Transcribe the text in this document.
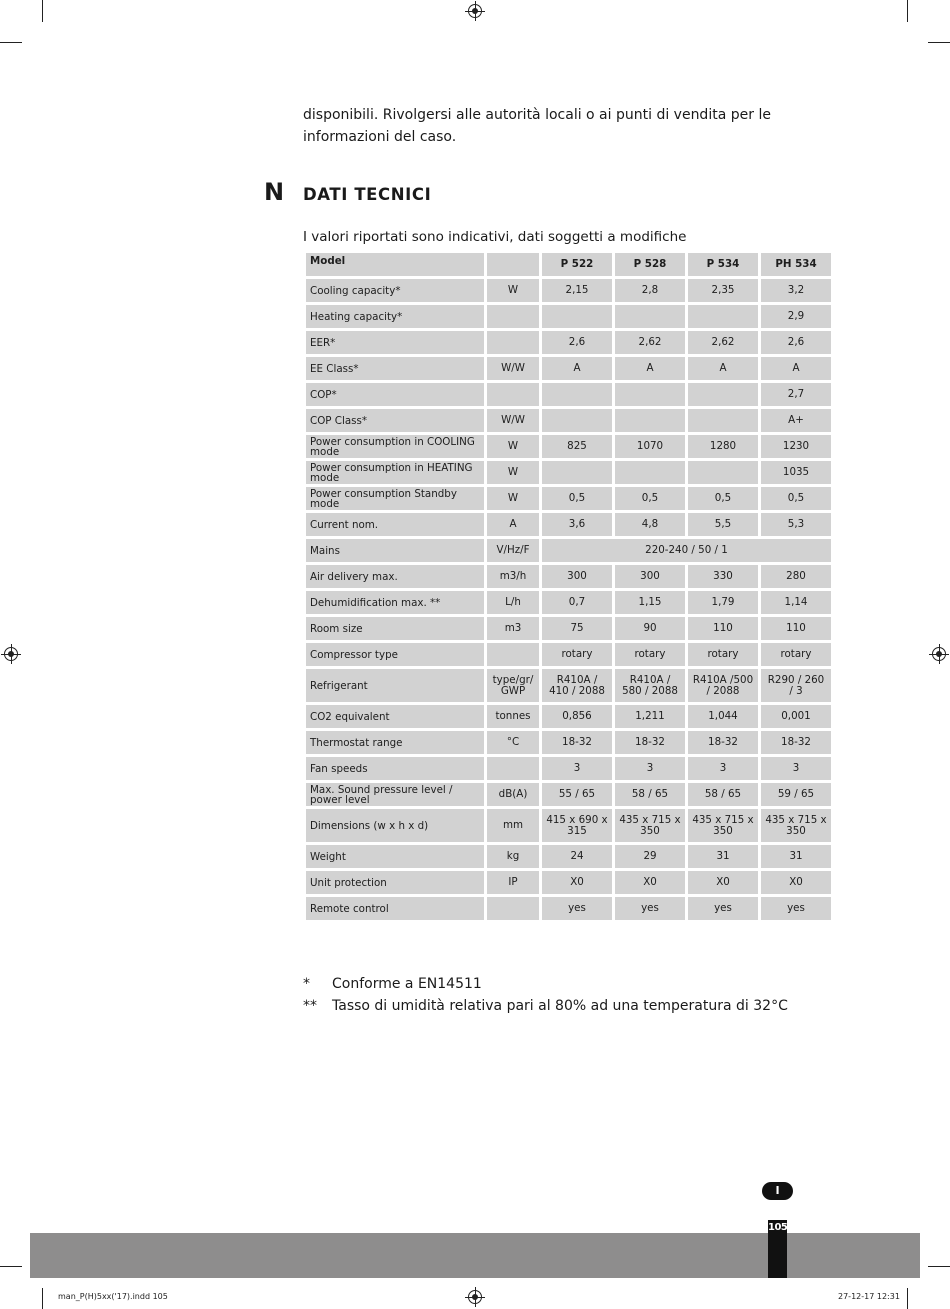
disponibili. Rivolgersi alle autorità locali o ai punti di vendita per le informazioni del caso.
N DATI TECNICI
I valori riportati sono indicativi, dati soggetti a modifiche
Model		P 522	P 528	P 534	PH 534
Cooling capacity*	W	2,15	2,8	2,35	3,2
Heating capacity*					2,9
EER*		2,6	2,62	2,62	2,6
EE Class*	W/W	A	A	A	A
COP*					2,7
COP Class*	W/W				A+
Power consumption in COOLING mode	W	825	1070	1280	1230
Power consumption in HEATING mode	W				1035
Power consumption Standby mode	W	0,5	0,5	0,5	0,5
Current nom.	A	3,6	4,8	5,5	5,3
Mains	V/Hz/F	220-240 / 50 / 1			
Air delivery max.	m3/h	300	300	330	280
Dehumidification max. **	L/h	0,7	1,15	1,79	1,14
Room size	m3	75	90	110	110
Compressor type		rotary	rotary	rotary	rotary
Refrigerant	type/gr/ GWP	R410A / 410 / 2088	R410A / 580 / 2088	R410A /500 / 2088	R290 / 260 / 3
CO2 equivalent	tonnes	0,856	1,211	1,044	0,001
Thermostat range	°C	18-32	18-32	18-32	18-32
Fan speeds		3	3	3	3
Max. Sound pressure level / power level	dB(A)	55 / 65	58 / 65	58 / 65	59 / 65
Dimensions (w x h x d)	mm	415 x 690 x 315	435 x 715 x 350	435 x 715 x 350	435 x 715 x 350
Weight	kg	24	29	31	31
Unit protection	IP	X0	X0	X0	X0
Remote control		yes	yes	yes	yes
*	Conforme a EN14511
**	Tasso di umidità relativa pari al 80% ad una temperatura di 32°C
I
105
man_P(H)5xx('17).indd 105	27-12-17 12:31
